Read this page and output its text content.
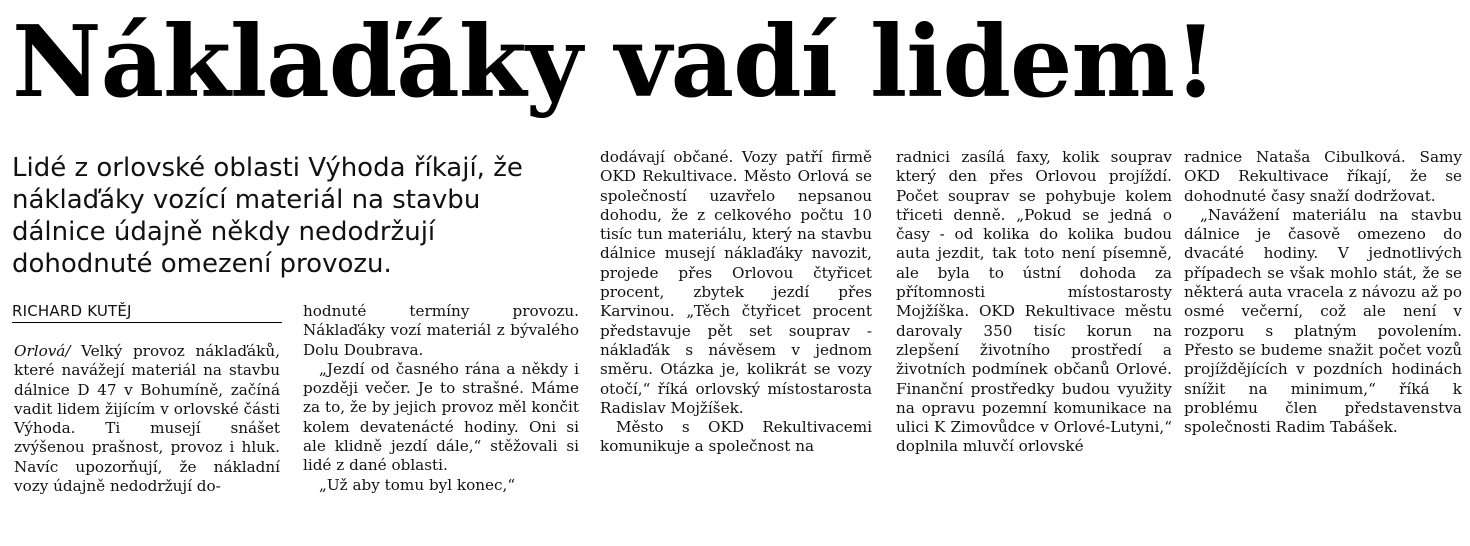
Náklaďáky vadí lidem!

Lidé z orlovské oblasti Výhoda říkají, že náklaďáky vozící materiál na stavbu dálnice údajně někdy nedodržují dohodnuté omezení provozu.

RICHARD KUTĚJ

Orlová/ Velký provoz náklaďáků, které navážejí materiál na stavbu dálnice D 47 v Bohumíně, začíná vadit lidem žijícím v orlovské části Výhoda. Ti musejí snášet zvýšenou prašnost, provoz i hluk. Navíc upozorňují, že nákladní vozy údajně nedodržují do-

hodnuté termíny provozu. Náklaďáky vozí materiál z bývalého Dolu Doubrava.

„Jezdí od časného rána a někdy i později večer. Je to strašné. Máme za to, že by jejich provoz měl končit kolem devatenácté hodiny. Oni si ale klidně jezdí dále,“ stěžovali si lidé z dané oblasti.

„Už aby tomu byl konec,“

dodávají občané. Vozy patří firmě OKD Rekultivace. Město Orlová se společností uzavřelo nepsanou dohodu, že z celkového počtu 10 tisíc tun materiálu, který na stavbu dálnice musejí náklaďáky navozit, projede přes Orlovou čtyřicet procent, zbytek jezdí přes Karvinou. „Těch čtyřicet procent představuje pět set souprav - náklaďák s návěsem v jednom směru. Otázka je, kolikrát se vozy otočí,“ říká orlovský místostarosta Radislav Mojžíšek.

Město s OKD Rekultivacemi komunikuje a společnost na

radnici zasílá faxy, kolik souprav který den přes Orlovou projíždí. Počet souprav se pohybuje kolem třiceti denně. „Pokud se jedná o časy - od kolika do kolika budou auta jezdit, tak toto není písemně, ale byla to ústní dohoda za přítomnosti místostarosty Mojžíška. OKD Rekultivace městu darovaly 350 tisíc korun na zlepšení životního prostředí a životních podmínek občanů Orlové. Finanční prostředky budou využity na opravu pozemní komunikace na ulici K Zimovůdce v Orlové-Lutyni,“ doplnila mluvčí orlovské

radnice Nataša Cibulková. Samy OKD Rekultivace říkají, že se dohodnuté časy snaží dodržovat.

„Navážení materiálu na stavbu dálnice je časově omezeno do dvacáté hodiny. V jednotlivých případech se však mohlo stát, že se některá auta vracela z návozu až po osmé večerní, což ale není v rozporu s platným povolením. Přesto se budeme snažit počet vozů projíždějících v pozdních hodinách snížit na minimum,“ říká k problému člen představenstva společnosti Radim Tabášek.
